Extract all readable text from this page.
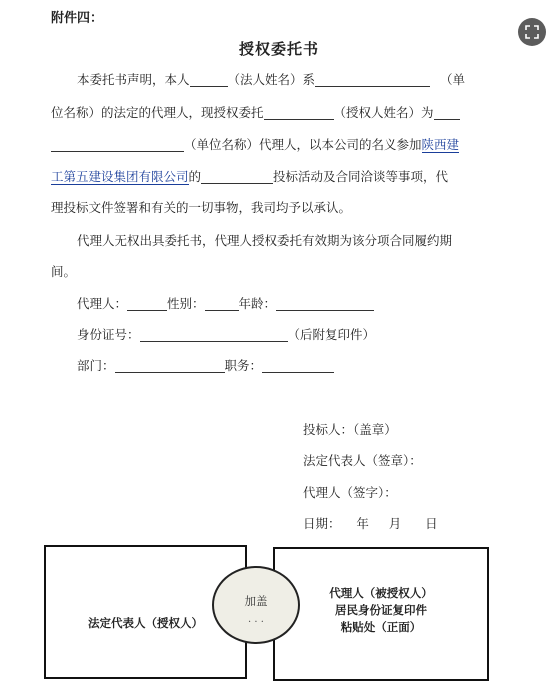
附件四：
授权委托书
本委托书声明，本人	（法人姓名）系	（单
位名称）的法定的代理人，现授权委托	（授权人姓名）为
（单位名称）代理人，以本公司的名义参加陕西建
工第五建设集团有限公司的	投标活动及合同洽谈等事项，代
理投标文件签署和有关的一切事物，我司均予以承认。
代理人无权出具委托书，代理人授权委托有效期为该分项合同履约期
间。
代理人：	性别：	年龄：
身份证号：	（后附复印件）
部门：	职务：
投标人：（盖章）
法定代表人（签章）：
代理人（签字）：
日期：    年     月      日
法定代表人（授权人）
代理人（被授权人）
居民身份证复印件
粘贴处（正面）
加盖
· · ·
